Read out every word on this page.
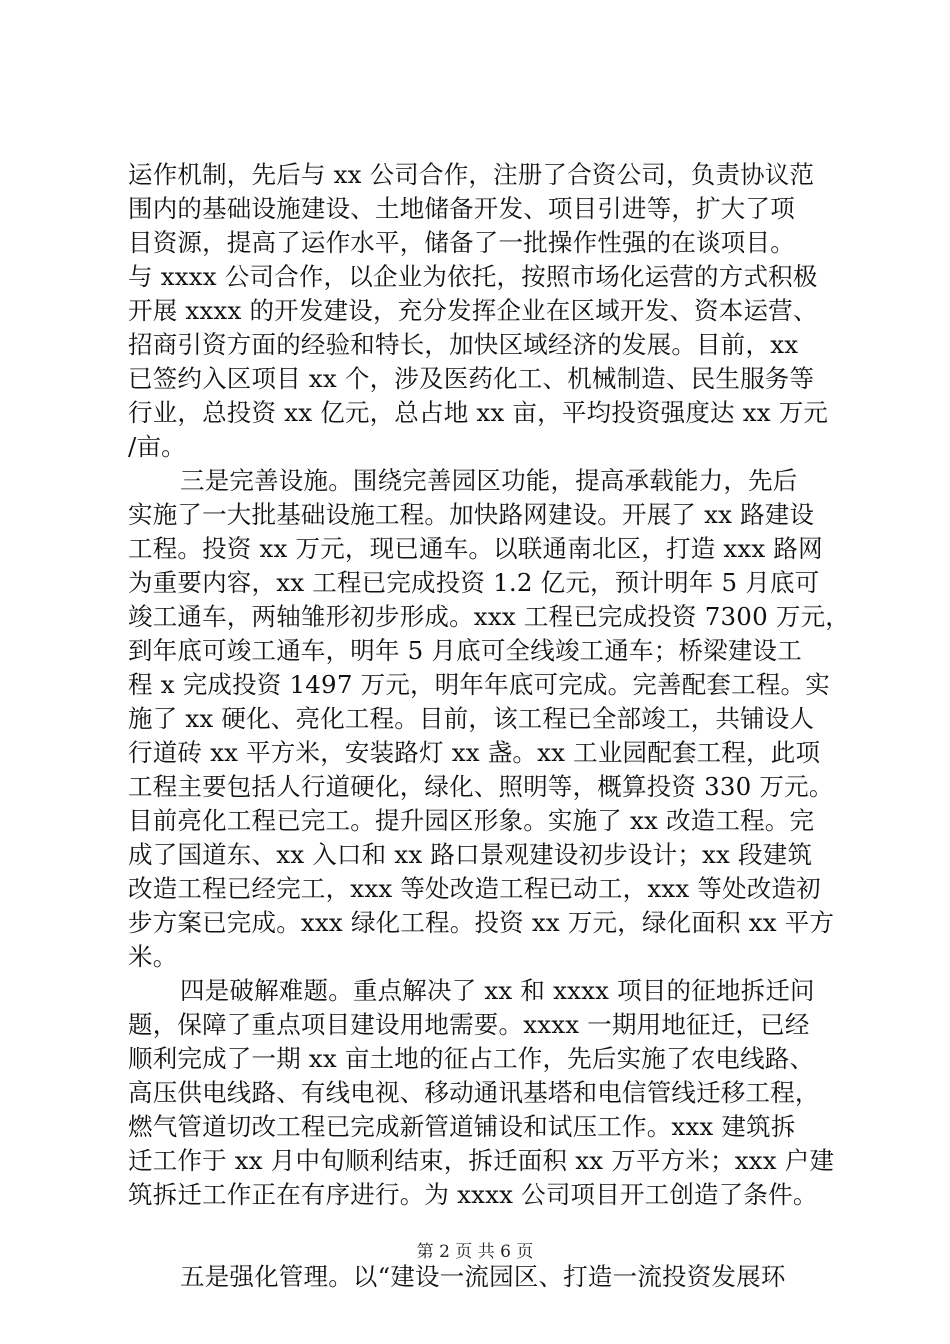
运作机制，先后与 xx 公司合作，注册了合资公司，负责协议范
围内的基础设施建设、土地储备开发、项目引进等，扩大了项
目资源，提高了运作水平，储备了一批操作性强的在谈项目。
与 xxxx 公司合作，以企业为依托，按照市场化运营的方式积极
开展 xxxx 的开发建设，充分发挥企业在区域开发、资本运营、
招商引资方面的经验和特长，加快区域经济的发展。目前，xx
已签约入区项目 xx 个，涉及医药化工、机械制造、民生服务等
行业，总投资 xx 亿元，总占地 xx 亩，平均投资强度达 xx 万元
/亩。
三是完善设施。围绕完善园区功能，提高承载能力，先后
实施了一大批基础设施工程。加快路网建设。开展了 xx 路建设
工程。投资 xx 万元，现已通车。以联通南北区，打造 xxx 路网
为重要内容，xx 工程已完成投资 1.2 亿元，预计明年 5 月底可
竣工通车，两轴雏形初步形成。xxx 工程已完成投资 7300 万元，
到年底可竣工通车，明年 5 月底可全线竣工通车；桥梁建设工
程 x 完成投资 1497 万元，明年年底可完成。完善配套工程。实
施了 xx 硬化、亮化工程。目前，该工程已全部竣工，共铺设人
行道砖 xx 平方米，安装路灯 xx 盏。xx 工业园配套工程，此项
工程主要包括人行道硬化，绿化、照明等，概算投资 330 万元。
目前亮化工程已完工。提升园区形象。实施了 xx 改造工程。完
成了国道东、xx 入口和 xx 路口景观建设初步设计；xx 段建筑
改造工程已经完工，xxx 等处改造工程已动工，xxx 等处改造初
步方案已完成。xxx 绿化工程。投资 xx 万元，绿化面积 xx 平方
米。
四是破解难题。重点解决了 xx 和 xxxx 项目的征地拆迁问
题，保障了重点项目建设用地需要。xxxx 一期用地征迁，已经
顺利完成了一期 xx 亩土地的征占工作，先后实施了农电线路、
高压供电线路、有线电视、移动通讯基塔和电信管线迁移工程，
燃气管道切改工程已完成新管道铺设和试压工作。xxx 建筑拆
迁工作于 xx 月中旬顺利结束，拆迁面积 xx 万平方米；xxx 户建
筑拆迁工作正在有序进行。为 xxxx 公司项目开工创造了条件。
五是强化管理。以“建设一流园区、打造一流投资发展环
第 2 页 共 6 页
